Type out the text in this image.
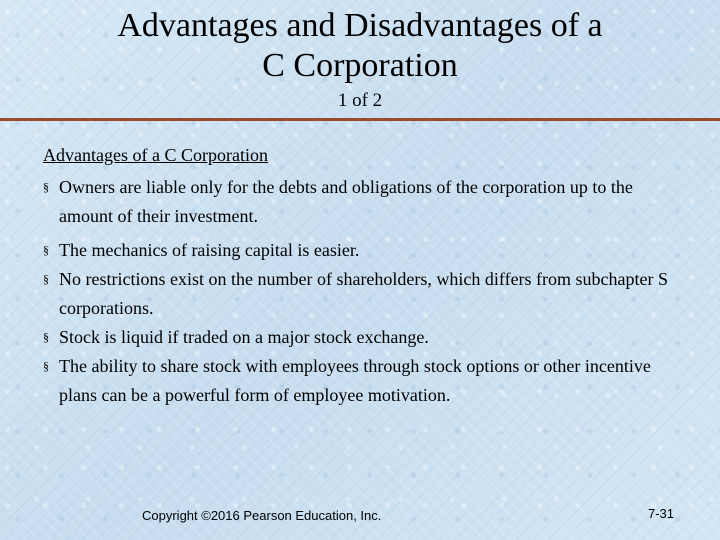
Advantages and Disadvantages of a
C Corporation
1 of 2
Advantages of a C Corporation
§ Owners are liable only for the debts and obligations of the corporation up to the amount of their investment.
§ The mechanics of raising capital is easier.
§ No restrictions exist on the number of shareholders, which differs from subchapter S corporations.
§ Stock is liquid if traded on a major stock exchange.
§ The ability to share stock with employees through stock options or other incentive plans can be a powerful form of employee motivation.
Copyright ©2016 Pearson Education, Inc.	7-31
